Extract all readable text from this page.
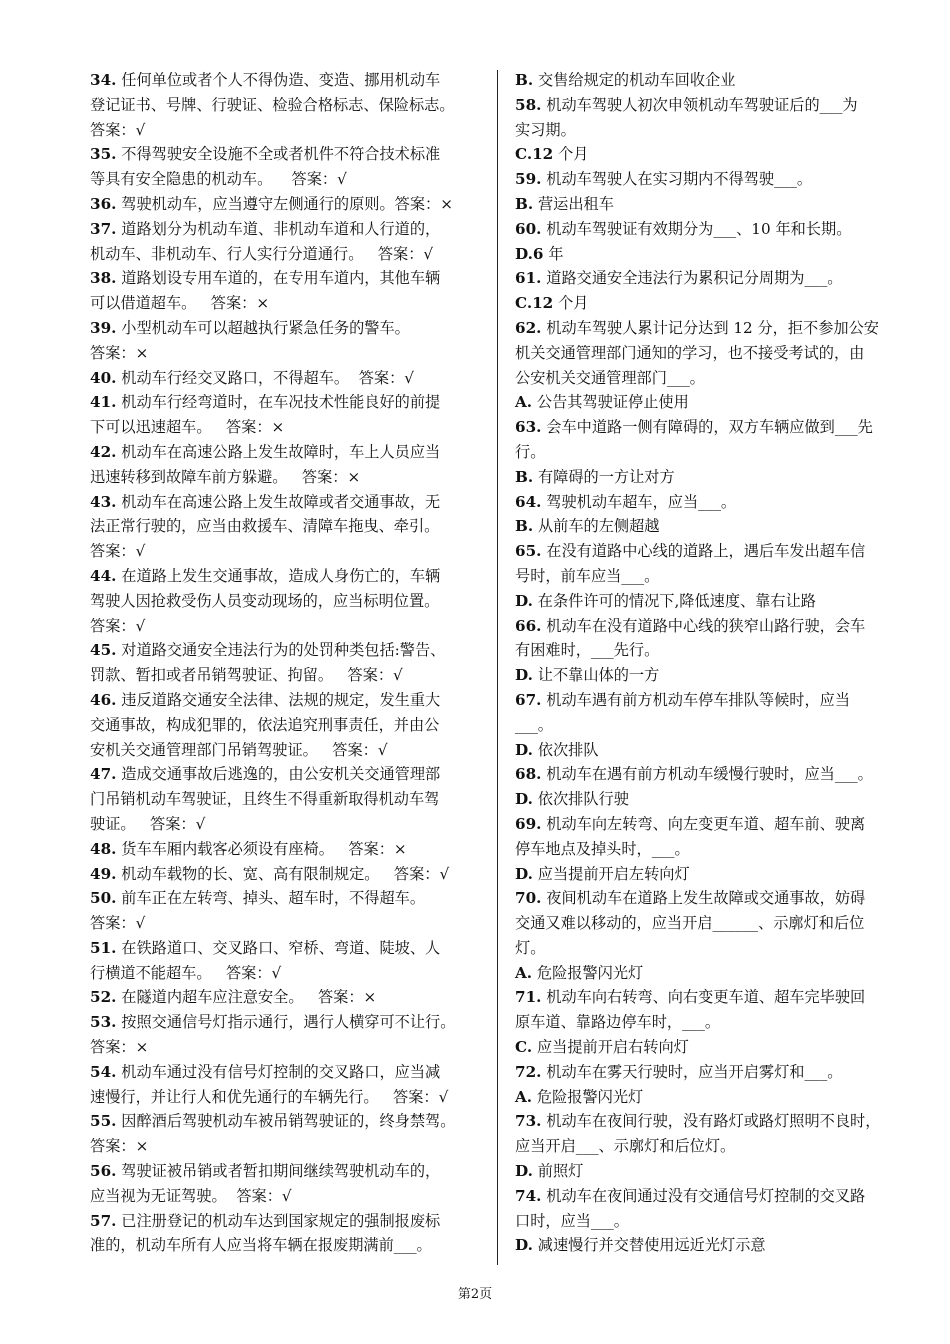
34. 任何单位或者个人不得伪造、变造、挪用机动车
登记证书、号牌、行驶证、检验合格标志、保险标志。
答案：√
35. 不得驾驶安全设施不全或者机件不符合技术标准
等具有安全隐患的机动车。    答案：√
36. 驾驶机动车，应当遵守左侧通行的原则。答案：×
37. 道路划分为机动车道、非机动车道和人行道的，
机动车、非机动车、行人实行分道通行。   答案：√
38. 道路划设专用车道的，在专用车道内，其他车辆
可以借道超车。   答案：×
39. 小型机动车可以超越执行紧急任务的警车。
答案：×
40. 机动车行经交叉路口，不得超车。  答案：√
41. 机动车行经弯道时，在车况技术性能良好的前提
下可以迅速超车。   答案：×
42. 机动车在高速公路上发生故障时，车上人员应当
迅速转移到故障车前方躲避。   答案：×
43. 机动车在高速公路上发生故障或者交通事故，无
法正常行驶的，应当由救援车、清障车拖曳、牵引。
答案：√
44. 在道路上发生交通事故，造成人身伤亡的，车辆
驾驶人因抢救受伤人员变动现场的，应当标明位置。
答案：√
45. 对道路交通安全违法行为的处罚种类包括:警告、
罚款、暂扣或者吊销驾驶证、拘留。   答案：√
46. 违反道路交通安全法律、法规的规定，发生重大
交通事故，构成犯罪的，依法追究刑事责任，并由公
安机关交通管理部门吊销驾驶证。   答案：√
47. 造成交通事故后逃逸的，由公安机关交通管理部
门吊销机动车驾驶证，且终生不得重新取得机动车驾
驶证。   答案：√
48. 货车车厢内载客必须设有座椅。   答案：×
49. 机动车载物的长、宽、高有限制规定。   答案：√
50. 前车正在左转弯、掉头、超车时，不得超车。
答案：√
51. 在铁路道口、交叉路口、窄桥、弯道、陡坡、人
行横道不能超车。   答案：√
52. 在隧道内超车应注意安全。   答案：×
53. 按照交通信号灯指示通行，遇行人横穿可不让行。
答案：×
54. 机动车通过没有信号灯控制的交叉路口，应当减
速慢行，并让行人和优先通行的车辆先行。   答案：√
55. 因醉酒后驾驶机动车被吊销驾驶证的，终身禁驾。
答案：×
56. 驾驶证被吊销或者暂扣期间继续驾驶机动车的，
应当视为无证驾驶。  答案：√
57. 已注册登记的机动车达到国家规定的强制报废标
准的，机动车所有人应当将车辆在报废期满前___。
B. 交售给规定的机动车回收企业
58. 机动车驾驶人初次申领机动车驾驶证后的___为
实习期。
C.12 个月
59. 机动车驾驶人在实习期内不得驾驶___。
B. 营运出租车
60. 机动车驾驶证有效期分为___、10 年和长期。
D.6 年
61. 道路交通安全违法行为累积记分周期为___。
C.12 个月
62. 机动车驾驶人累计记分达到 12 分，拒不参加公安
机关交通管理部门通知的学习，也不接受考试的，由
公安机关交通管理部门___。
A. 公告其驾驶证停止使用
63. 会车中道路一侧有障碍的，双方车辆应做到___先
行。
B. 有障碍的一方让对方
64. 驾驶机动车超车，应当___。
B. 从前车的左侧超越
65. 在没有道路中心线的道路上，遇后车发出超车信
号时，前车应当___。
D. 在条件许可的情况下,降低速度、靠右让路
66. 机动车在没有道路中心线的狭窄山路行驶，会车
有困难时，___先行。
D. 让不靠山体的一方
67. 机动车遇有前方机动车停车排队等候时，应当
___。
D. 依次排队
68. 机动车在遇有前方机动车缓慢行驶时，应当___。
D. 依次排队行驶
69. 机动车向左转弯、向左变更车道、超车前、驶离
停车地点及掉头时，___。
D. 应当提前开启左转向灯
70. 夜间机动车在道路上发生故障或交通事故，妨碍
交通又难以移动的，应当开启______、示廓灯和后位
灯。
A. 危险报警闪光灯
71. 机动车向右转弯、向右变更车道、超车完毕驶回
原车道、靠路边停车时，___。
C. 应当提前开启右转向灯
72. 机动车在雾天行驶时，应当开启雾灯和___。
A. 危险报警闪光灯
73. 机动车在夜间行驶，没有路灯或路灯照明不良时，
应当开启___、示廓灯和后位灯。
D. 前照灯
74. 机动车在夜间通过没有交通信号灯控制的交叉路
口时，应当___。
D. 减速慢行并交替使用远近光灯示意
第2页
